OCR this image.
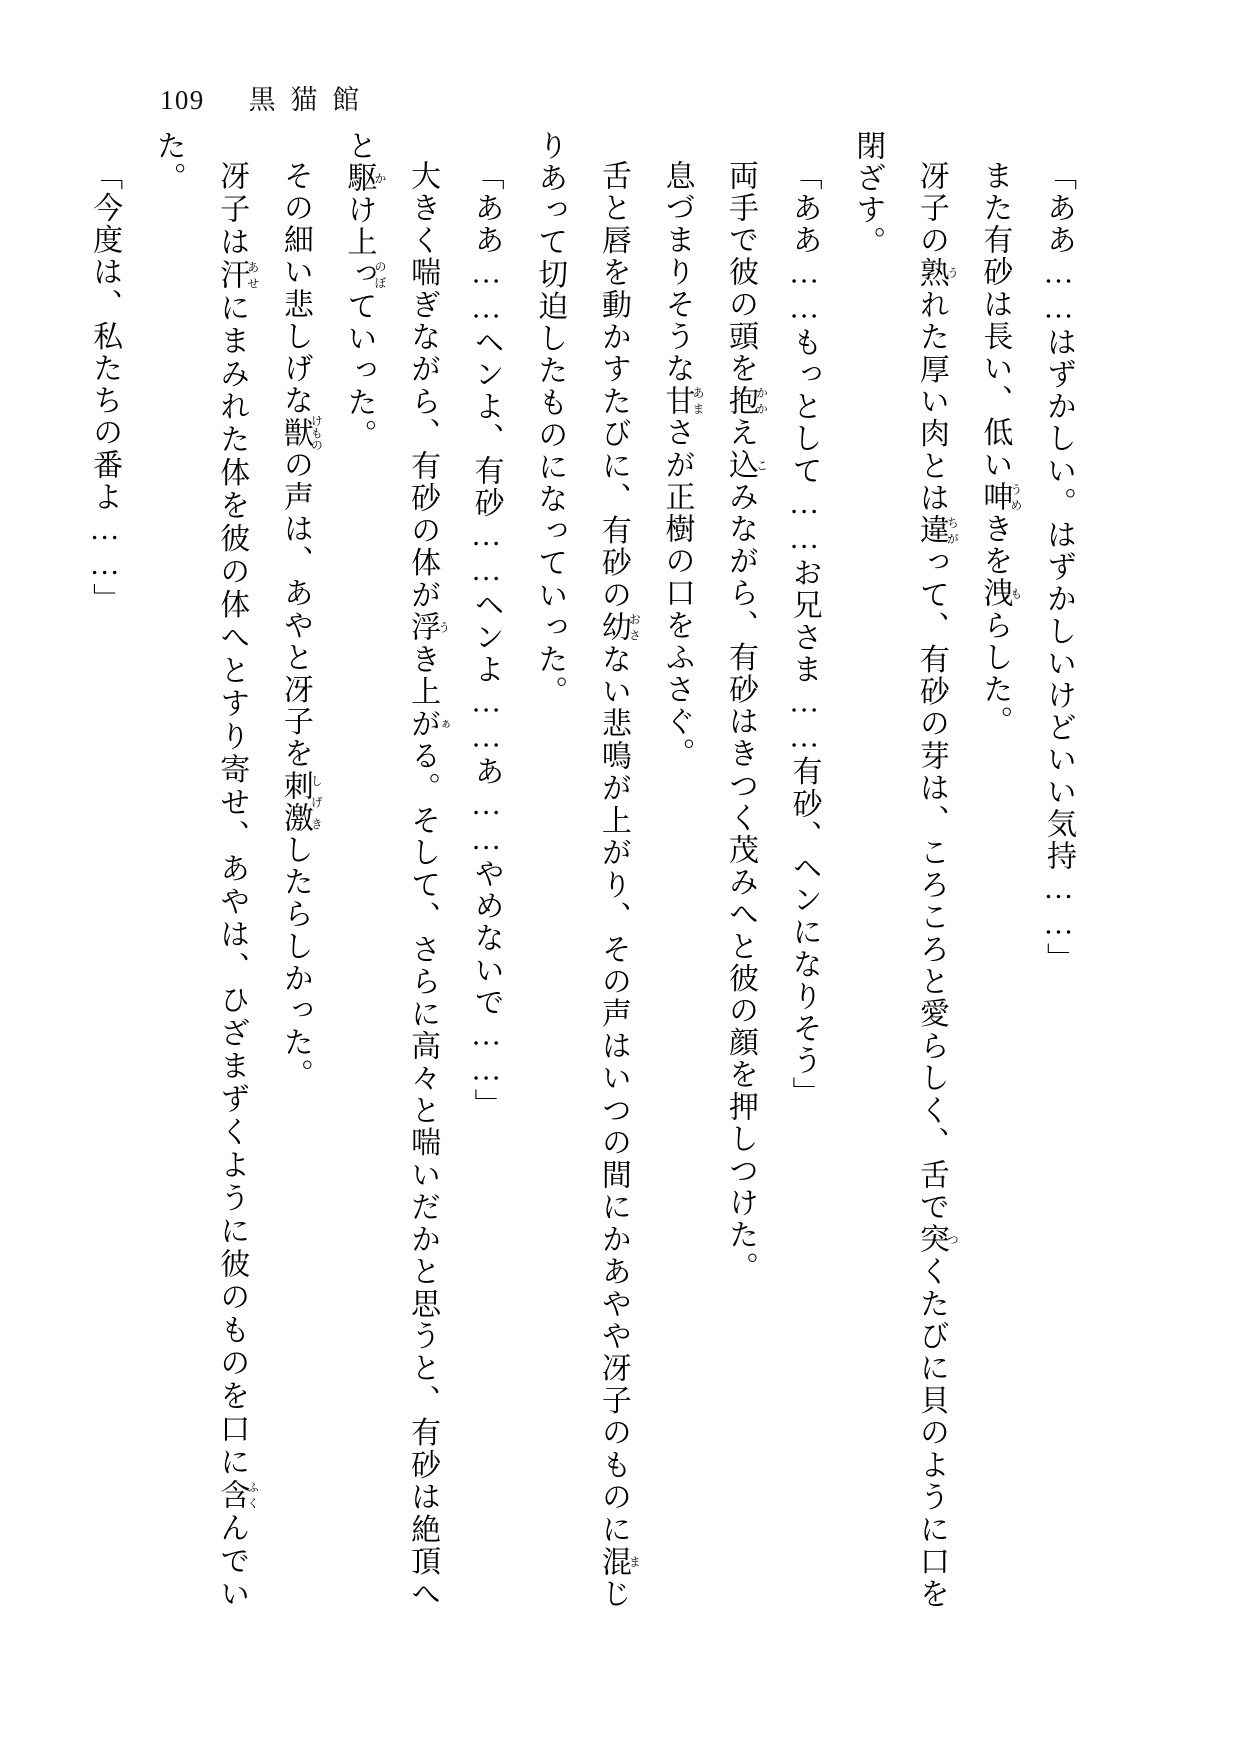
109 黒猫館
「ああ……はずかしい。はずかしいけどいい気持……」
また有砂は長い、低い呻うめきを洩もらした。
冴子の熟うれた厚い肉とは違ちがって、有砂の芽は、ころころと愛らしく、舌で突つくたびに貝のように口を閉ざす。
「ああ……もっとして……お兄さま……有砂、ヘンになりそう」
両手で彼の頭を抱かかえ込こみながら、有砂はきつく茂みへと彼の顔を押しつけた。
息づまりそうな甘あまさが正樹の口をふさぐ。
舌と唇を動かすたびに、有砂の幼おさない悲鳴が上がり、その声はいつの間にかあやや冴子のものに混まじりあって切迫したものになっていった。
「ああ……ヘンよ、有砂……ヘンよ……あ……やめないで……」
大きく喘ぎながら、有砂の体が浮うき上がぁる。そして、さらに高々と喘いだかと思うと、有砂は絶頂へと駆かけ上っのぼていった。
その細い悲しげな獣けものの声は、あやと冴子を刺激しげきしたらしかった。
冴子は汗あせにまみれた体を彼の体へとすり寄せ、あやは、ひざまずくように彼のものを口に含ふくんでいた。
「今度は、私たちの番よ……」
